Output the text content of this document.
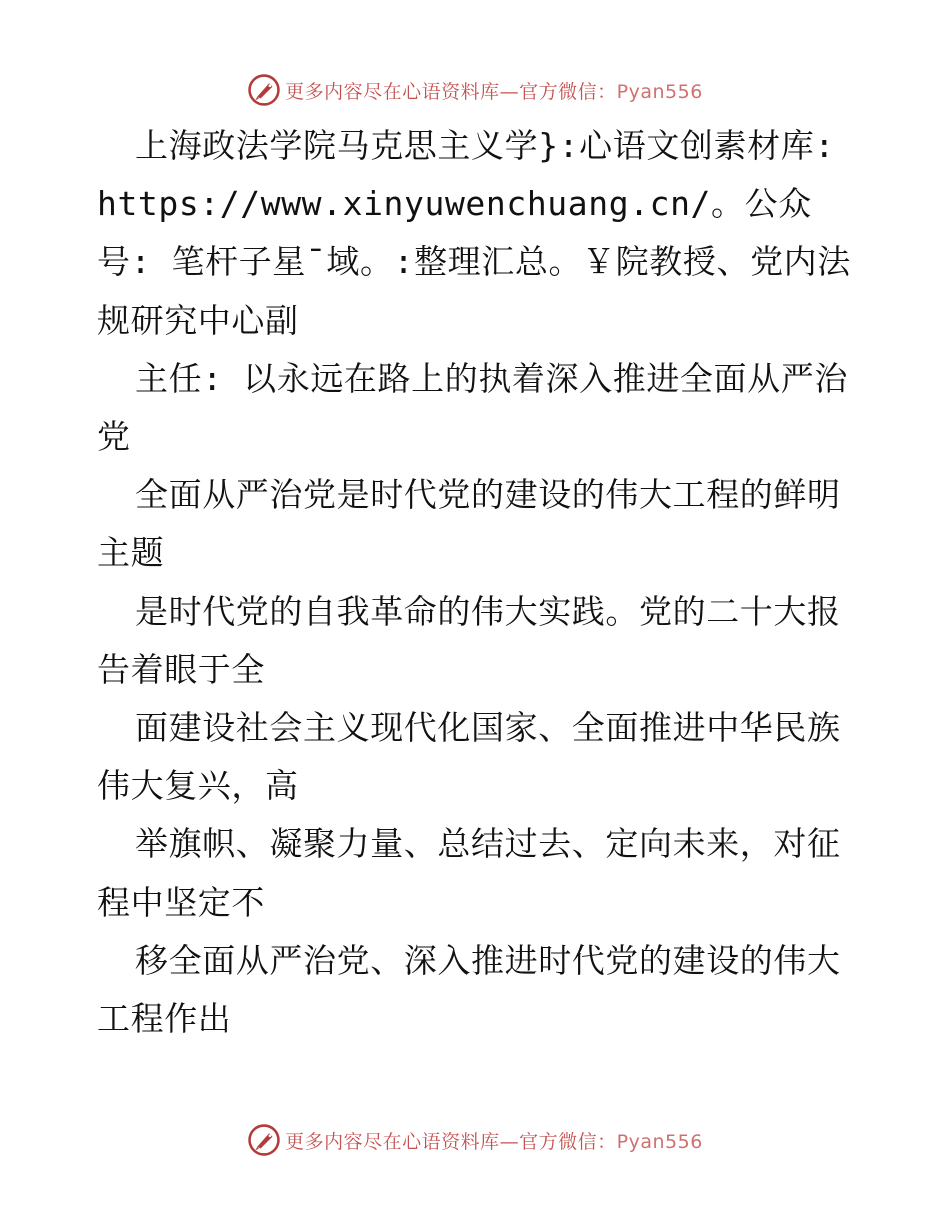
更多内容尽在心语资料库—官方微信：Pyan556

上海政法学院马克思主义学}:心语文创素材库: https://www.xinyuwenchuang.cn/。公众号: 笔杆子星¯域。:整理汇总。￥院教授、党内法规研究中心副

主任: 以永远在路上的执着深入推进全面从严治党

全面从严治党是时代党的建设的伟大工程的鲜明主题

是时代党的自我革命的伟大实践。党的二十大报告着眼于全

面建设社会主义现代化国家、全面推进中华民族伟大复兴，高

举旗帜、凝聚力量、总结过去、定向未来，对征程中坚定不

移全面从严治党、深入推进时代党的建设的伟大工程作出

更多内容尽在心语资料库—官方微信：Pyan556
